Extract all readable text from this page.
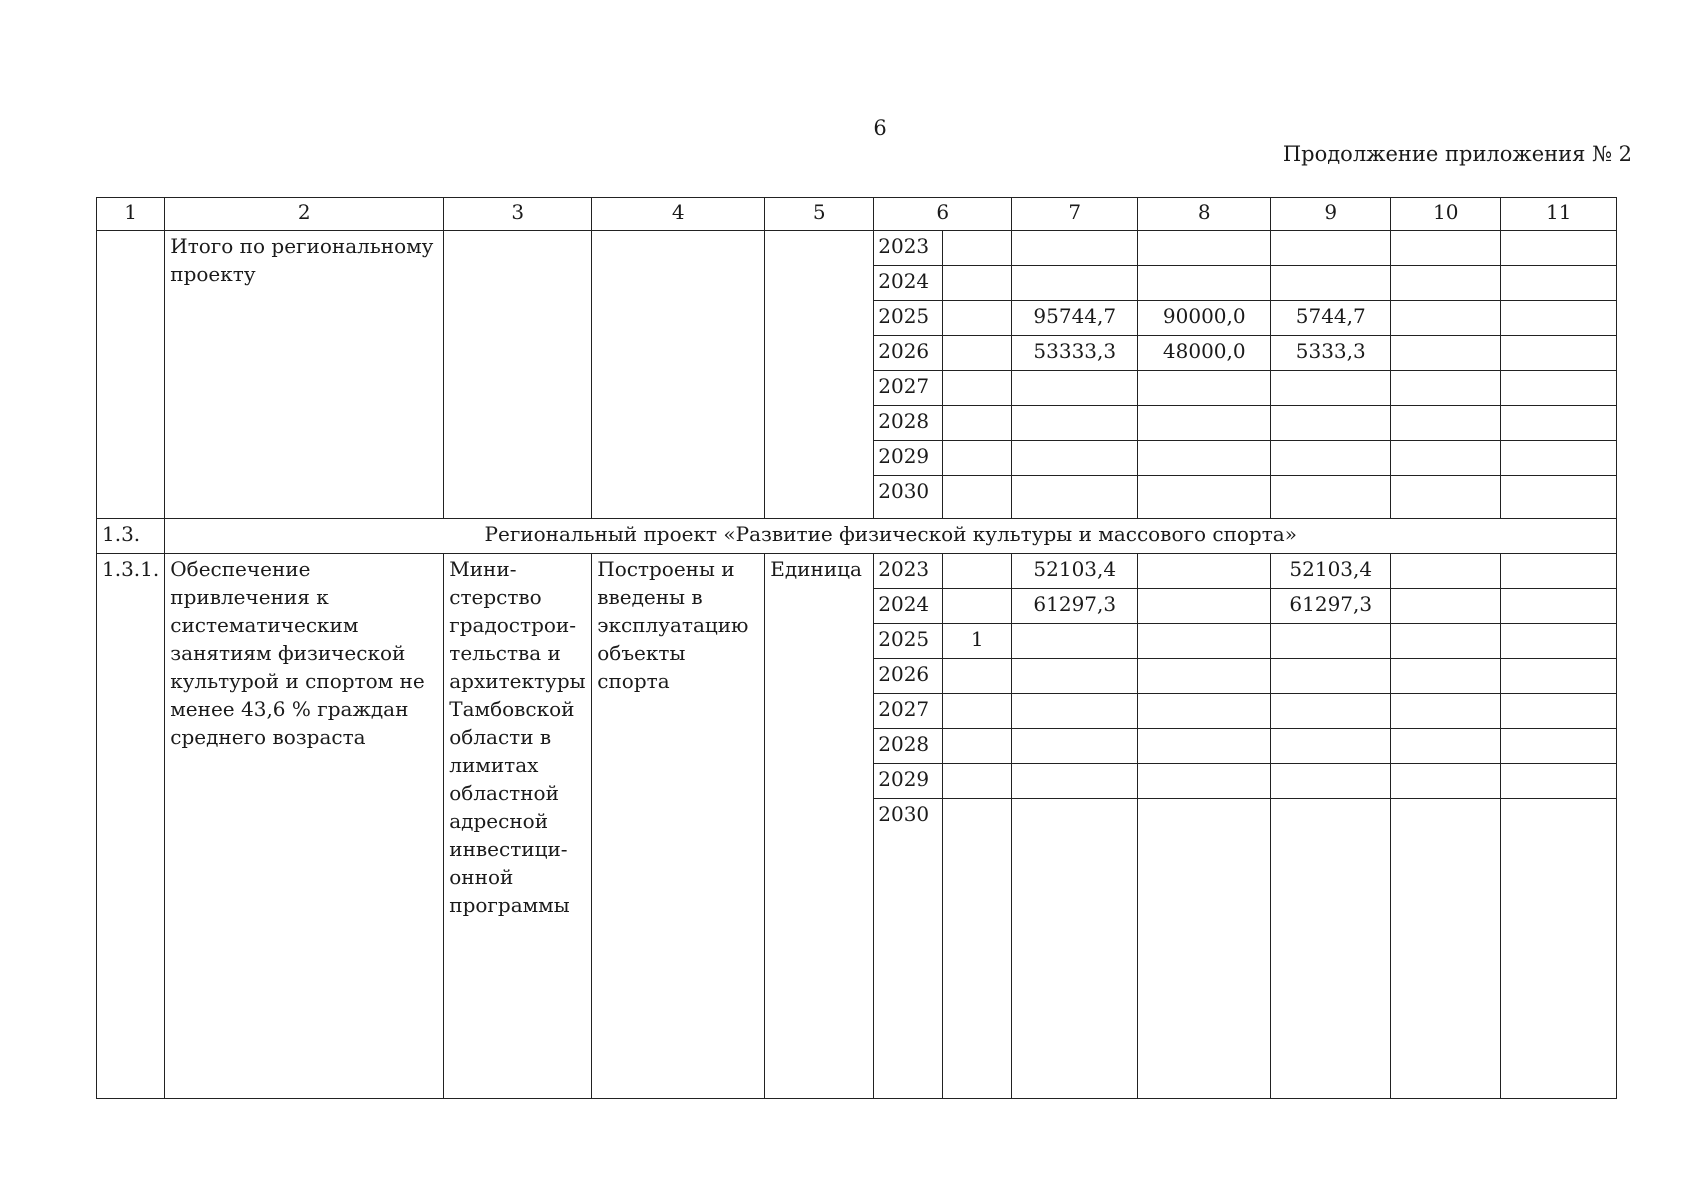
6
Продолжение приложения № 2
1	2	3	4	5	6		7	8	9	10	11
	Итого по региональному проекту				2023						
					2024						
					2025		95744,7	90000,0	5744,7		
					2026		53333,3	48000,0	5333,3		
					2027						
					2028						
					2029						
					2030						
1.3.	Региональный проект «Развитие физической культуры и массового спорта»										
1.3.1.	Обеспечение привлечения к систематическим занятиям физической культурой и спортом не менее 43,6 % граждан среднего возраста	Мини-стерство градострои-тельства и архитектуры Тамбовской области в лимитах областной адресной инвестици-онной программы	Построены и введены в эксплуатацию объекты спорта	Единица	2023		52103,4		52103,4		
					2024		61297,3		61297,3		
					2025	1					
					2026						
					2027						
					2028						
					2029						
					2030						
